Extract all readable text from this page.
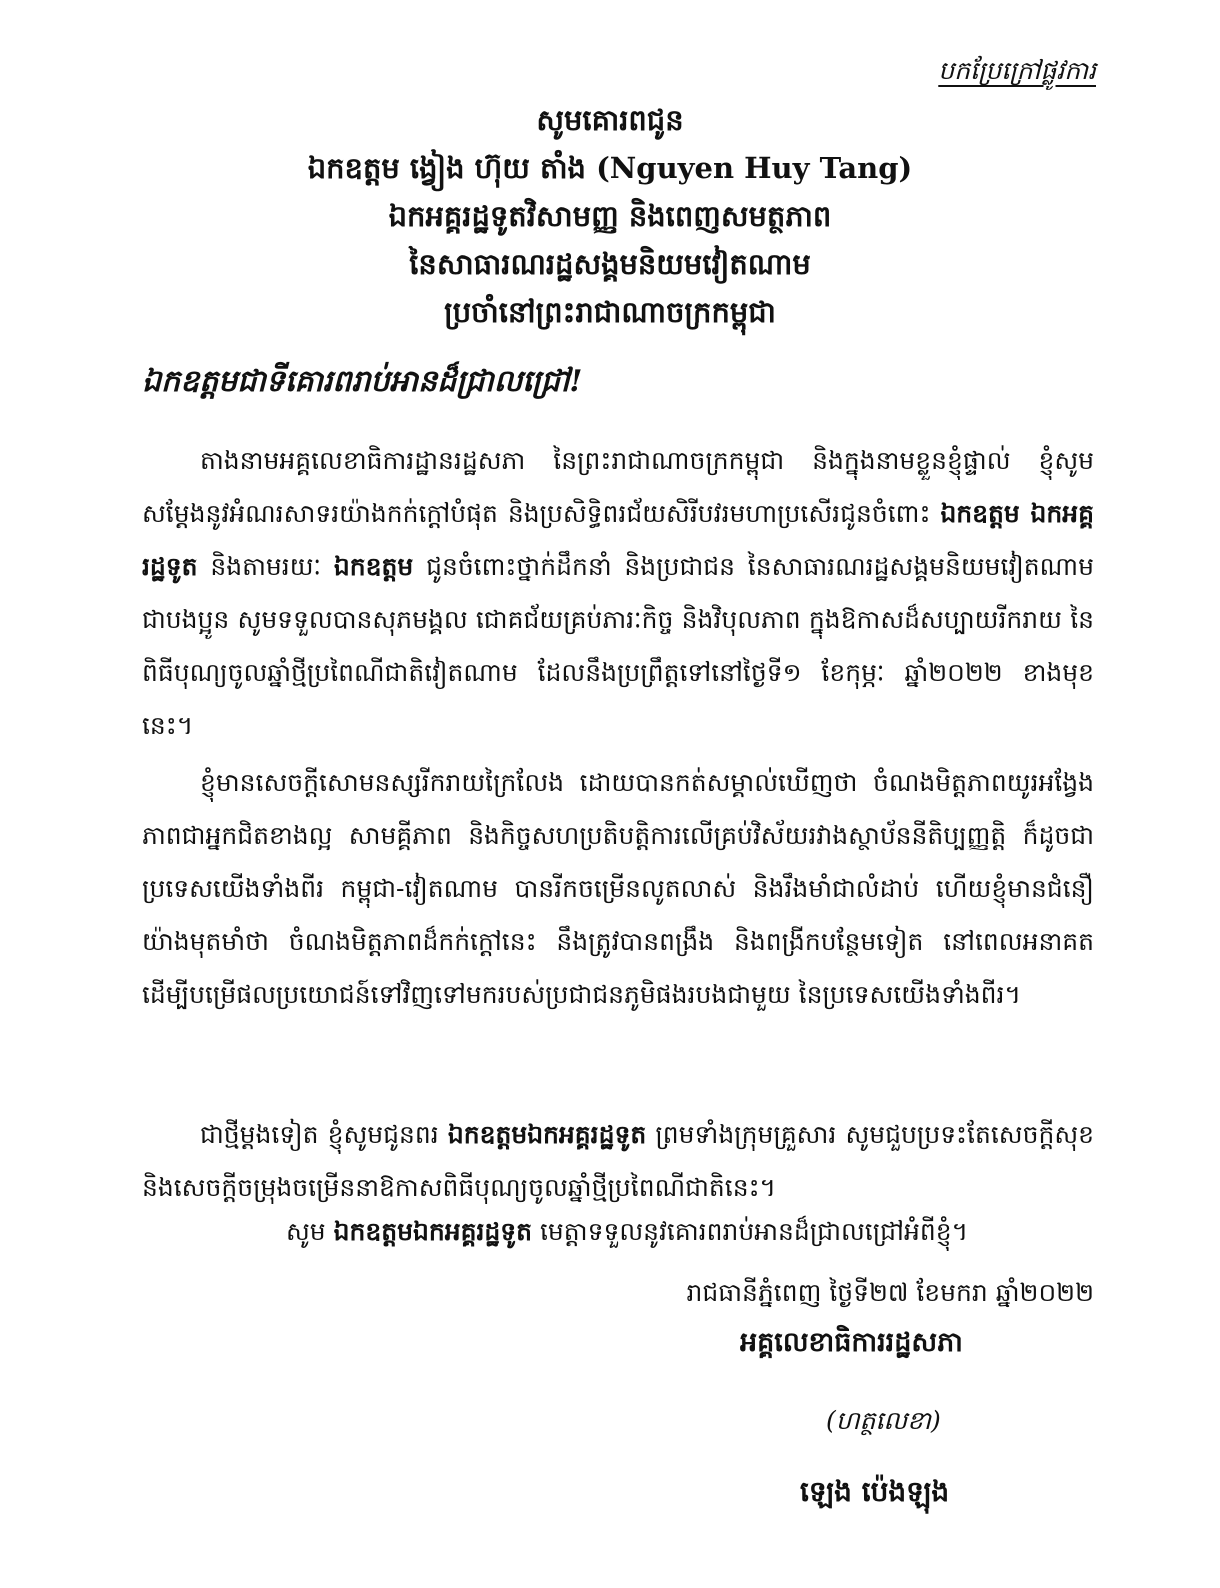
បកប្រែក្រៅផ្លូវការ
សូមគោរពជូន
ឯកឧត្តម ង្វៀង ហ៊ុយ តាំង (Nguyen Huy Tang)
ឯកអគ្គរដ្ឋទូតវិសាមញ្ញ និងពេញសមត្ថភាព
នៃសាធារណរដ្ឋសង្គមនិយមវៀតណាម
ប្រចាំនៅព្រះរាជាណាចក្រកម្ពុជា
ឯកឧត្តមជាទីគោរពរាប់អានដ៏ជ្រាលជ្រៅ!

តាងនាមអគ្គលេខាធិការដ្ឋានរដ្ឋសភា នៃព្រះរាជាណាចក្រកម្ពុជា និងក្នុងនាមខ្លួនខ្ញុំផ្ទាល់ ខ្ញុំសូមសម្តែងនូវអំណរសាទរយ៉ាងកក់ក្តៅបំផុត និងប្រសិទ្ធិពរជ័យសិរីបវរមហាប្រសើរជូនចំពោះ ឯកឧត្តម ឯកអគ្គរដ្ឋទូត និងតាមរយៈ ឯកឧត្តម ជូនចំពោះថ្នាក់ដឹកនាំ និងប្រជាជន នៃសាធារណរដ្ឋសង្គមនិយមវៀតណាមជាបងប្អូន សូមទទួលបានសុភមង្គល ជោគជ័យគ្រប់ភារៈកិច្ច និងវិបុលភាព ក្នុងឱកាសដ៏សប្បាយរីករាយ នៃពិធីបុណ្យចូលឆ្នាំថ្មីប្រពៃណីជាតិវៀតណាម ដែលនឹងប្រព្រឹត្តទៅនៅថ្ងៃទី១ ខែកុម្ភៈ ឆ្នាំ២០២២ ខាងមុខនេះ។

ខ្ញុំមានសេចក្តីសោមនស្សរីករាយក្រៃលែង ដោយបានកត់សម្គាល់ឃើញថា ចំណងមិត្តភាពយូរអង្វែង ភាពជាអ្នកជិតខាងល្អ សាមគ្គីភាព និងកិច្ចសហប្រតិបត្តិការលើគ្រប់វិស័យរវាងស្ថាប័ននីតិប្បញ្ញត្តិ ក៏ដូចជាប្រទេសយើងទាំងពីរ កម្ពុជា-វៀតណាម បានរីកចម្រើនលូតលាស់ និងរឹងមាំជាលំដាប់ ហើយខ្ញុំមានជំនឿយ៉ាងមុតមាំថា ចំណងមិត្តភាពដ៏កក់ក្តៅនេះ នឹងត្រូវបានពង្រឹង និងពង្រីកបន្ថែមទៀត នៅពេលអនាគត ដើម្បីបម្រើផលប្រយោជន៍ទៅវិញទៅមករបស់ប្រជាជនភូមិផងរបងជាមួយ នៃប្រទេសយើងទាំងពីរ។

ជាថ្មីម្តងទៀត ខ្ញុំសូមជូនពរ ឯកឧត្តមឯកអគ្គរដ្ឋទូត ព្រមទាំងក្រុមគ្រួសារ សូមជួបប្រទះតែសេចក្តីសុខ និងសេចក្តីចម្រុងចម្រើននាឱកាសពិធីបុណ្យចូលឆ្នាំថ្មីប្រពៃណីជាតិនេះ។

សូម ឯកឧត្តមឯកអគ្គរដ្ឋទូត មេត្តាទទួលនូវគោរពរាប់អានដ៏ជ្រាលជ្រៅអំពីខ្ញុំ។
រាជធានីភ្នំពេញ ថ្ងៃទី២៧ ខែមករា ឆ្នាំ២០២២
អគ្គលេខាធិការរដ្ឋសភា
(ហត្ថលេខា)
ឡេង ប៉េងឡុង
